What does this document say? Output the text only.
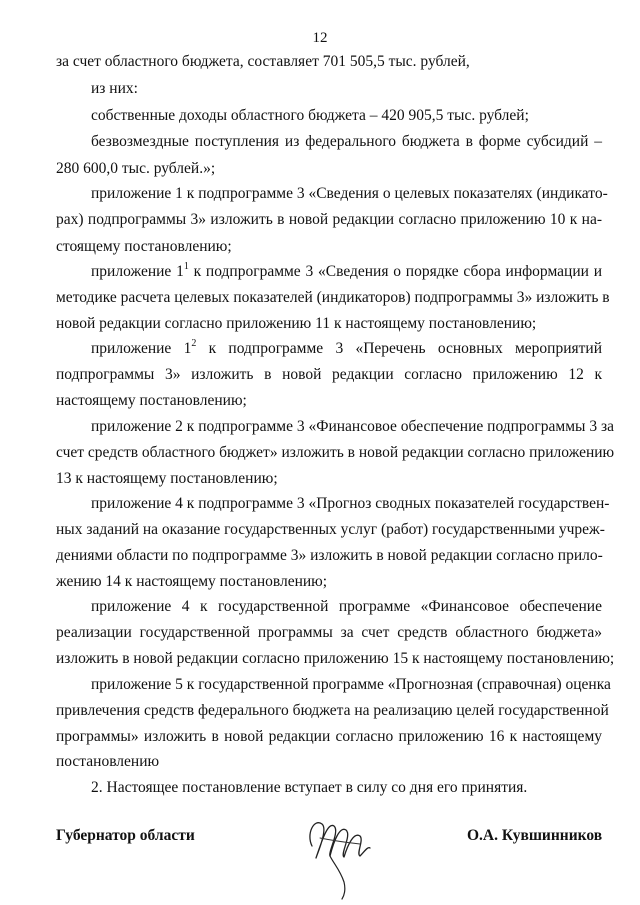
12
за счет областного бюджета, составляет 701 505,5 тыс. рублей,
из них:
собственные доходы областного бюджета – 420 905,5 тыс. рублей;
безвозмездные поступления из федерального бюджета в форме субсидий –
280 600,0 тыс. рублей.»;
приложение 1 к подпрограмме 3 «Сведения о целевых показателях (индикато-
рах) подпрограммы 3» изложить в новой редакции согласно приложению 10 к на-
стоящему постановлению;
приложение $1^1$ к подпрограмме 3 «Сведения о порядке сбора информации и
методике расчета целевых показателей (индикаторов) подпрограммы 3» изложить в
новой редакции согласно приложению 11 к настоящему постановлению;
приложение $1^2$ к подпрограмме 3 «Перечень основных мероприятий
подпрограммы 3» изложить в новой редакции согласно приложению 12 к
настоящему постановлению;
приложение 2 к подпрограмме 3 «Финансовое обеспечение подпрограммы 3 за
счет средств областного бюджет» изложить в новой редакции согласно приложению
13 к настоящему постановлению;
приложение 4 к подпрограмме 3 «Прогноз сводных показателей государствен-
ных заданий на оказание государственных услуг (работ) государственными учреж-
дениями области по подпрограмме 3» изложить в новой редакции согласно прило-
жению 14 к настоящему постановлению;
приложение 4 к государственной программе «Финансовое обеспечение
реализации государственной программы за счет средств областного бюджета»
изложить в новой редакции согласно приложению 15 к настоящему постановлению;
приложение 5 к государственной программе «Прогнозная (справочная) оценка
привлечения средств федерального бюджета на реализацию целей государственной
программы» изложить в новой редакции согласно приложению 16 к настоящему
постановлению
2. Настоящее постановление вступает в силу со дня его принятия.
Губернатор области	О.А. Кувшинников
